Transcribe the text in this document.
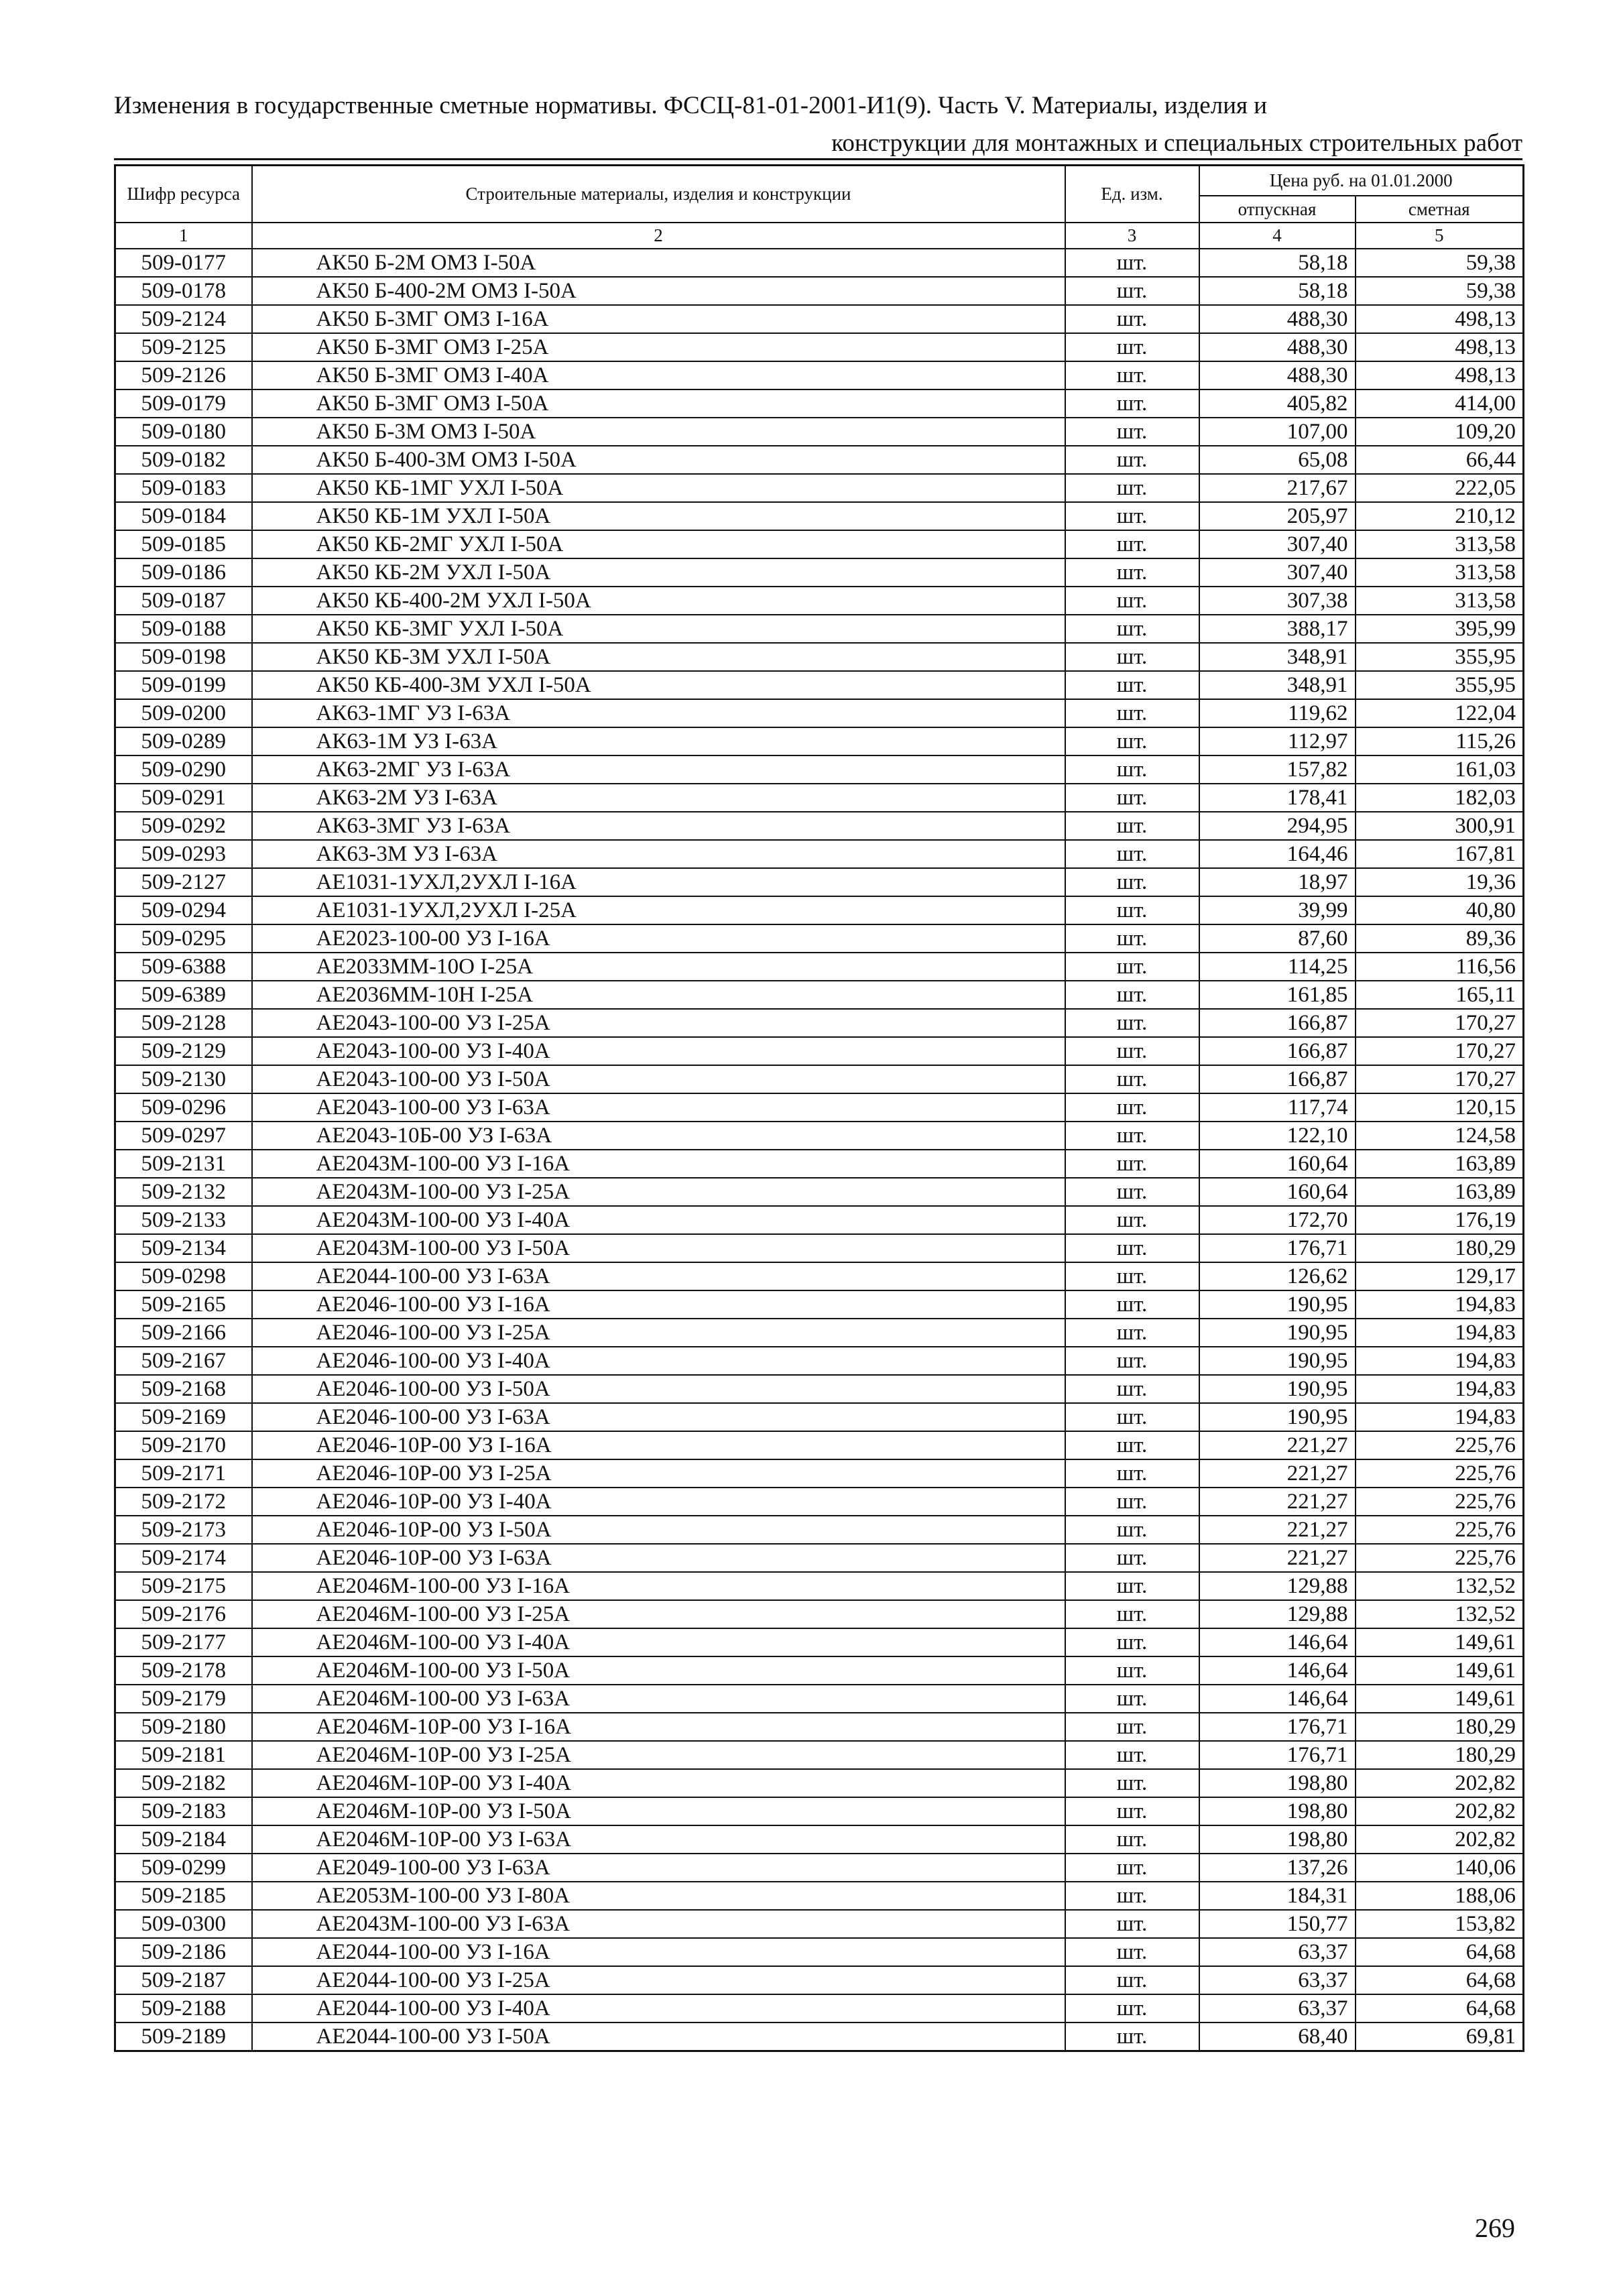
Изменения в государственные сметные нормативы. ФССЦ-81-01-2001-И1(9). Часть V. Материалы, изделия и
конструкции для монтажных и специальных строительных работ
Шифр ресурса	Строительные материалы, изделия и конструкции	Ед. изм.	Цена руб. на 01.01.2000	
			отпускная	сметная
1	2	3	4	5
509-0177	АК50 Б-2М ОМЗ I-50А	шт.	58,18	59,38
509-0178	АК50 Б-400-2М ОМЗ I-50А	шт.	58,18	59,38
509-2124	АК50 Б-3МГ ОМЗ I-16А	шт.	488,30	498,13
509-2125	АК50 Б-3МГ ОМЗ I-25А	шт.	488,30	498,13
509-2126	АК50 Б-3МГ ОМЗ I-40А	шт.	488,30	498,13
509-0179	АК50 Б-3МГ ОМЗ I-50А	шт.	405,82	414,00
509-0180	АК50 Б-3М ОМЗ I-50А	шт.	107,00	109,20
509-0182	АК50 Б-400-3М ОМЗ I-50А	шт.	65,08	66,44
509-0183	АК50 КБ-1МГ УХЛ I-50А	шт.	217,67	222,05
509-0184	АК50 КБ-1М УХЛ I-50А	шт.	205,97	210,12
509-0185	АК50 КБ-2МГ УХЛ I-50А	шт.	307,40	313,58
509-0186	АК50 КБ-2М УХЛ I-50А	шт.	307,40	313,58
509-0187	АК50 КБ-400-2М УХЛ I-50А	шт.	307,38	313,58
509-0188	АК50 КБ-3МГ УХЛ I-50А	шт.	388,17	395,99
509-0198	АК50 КБ-3М УХЛ I-50А	шт.	348,91	355,95
509-0199	АК50 КБ-400-3М УХЛ I-50А	шт.	348,91	355,95
509-0200	АК63-1МГ УЗ I-63А	шт.	119,62	122,04
509-0289	АК63-1М УЗ I-63А	шт.	112,97	115,26
509-0290	АК63-2МГ УЗ I-63А	шт.	157,82	161,03
509-0291	АК63-2М УЗ I-63А	шт.	178,41	182,03
509-0292	АК63-3МГ УЗ I-63А	шт.	294,95	300,91
509-0293	АК63-3М УЗ I-63А	шт.	164,46	167,81
509-2127	АЕ1031-1УХЛ,2УХЛ I-16А	шт.	18,97	19,36
509-0294	АЕ1031-1УХЛ,2УХЛ I-25А	шт.	39,99	40,80
509-0295	АЕ2023-100-00 УЗ I-16А	шт.	87,60	89,36
509-6388	АЕ2033ММ-10О I-25А	шт.	114,25	116,56
509-6389	АЕ2036ММ-10Н I-25А	шт.	161,85	165,11
509-2128	АЕ2043-100-00 УЗ I-25А	шт.	166,87	170,27
509-2129	АЕ2043-100-00 УЗ I-40А	шт.	166,87	170,27
509-2130	АЕ2043-100-00 УЗ I-50А	шт.	166,87	170,27
509-0296	АЕ2043-100-00 УЗ I-63А	шт.	117,74	120,15
509-0297	АЕ2043-10Б-00 УЗ I-63А	шт.	122,10	124,58
509-2131	АЕ2043М-100-00 УЗ I-16А	шт.	160,64	163,89
509-2132	АЕ2043М-100-00 УЗ I-25А	шт.	160,64	163,89
509-2133	АЕ2043М-100-00 УЗ I-40А	шт.	172,70	176,19
509-2134	АЕ2043М-100-00 УЗ I-50А	шт.	176,71	180,29
509-0298	АЕ2044-100-00 УЗ I-63А	шт.	126,62	129,17
509-2165	АЕ2046-100-00 УЗ I-16А	шт.	190,95	194,83
509-2166	АЕ2046-100-00 УЗ I-25А	шт.	190,95	194,83
509-2167	АЕ2046-100-00 УЗ I-40А	шт.	190,95	194,83
509-2168	АЕ2046-100-00 УЗ I-50А	шт.	190,95	194,83
509-2169	АЕ2046-100-00 УЗ I-63А	шт.	190,95	194,83
509-2170	АЕ2046-10Р-00 УЗ I-16А	шт.	221,27	225,76
509-2171	АЕ2046-10Р-00 УЗ I-25А	шт.	221,27	225,76
509-2172	АЕ2046-10Р-00 УЗ I-40А	шт.	221,27	225,76
509-2173	АЕ2046-10Р-00 УЗ I-50А	шт.	221,27	225,76
509-2174	АЕ2046-10Р-00 УЗ I-63А	шт.	221,27	225,76
509-2175	АЕ2046М-100-00 УЗ I-16А	шт.	129,88	132,52
509-2176	АЕ2046М-100-00 УЗ I-25А	шт.	129,88	132,52
509-2177	АЕ2046М-100-00 УЗ I-40А	шт.	146,64	149,61
509-2178	АЕ2046М-100-00 УЗ I-50А	шт.	146,64	149,61
509-2179	АЕ2046М-100-00 УЗ I-63А	шт.	146,64	149,61
509-2180	АЕ2046М-10Р-00 УЗ I-16А	шт.	176,71	180,29
509-2181	АЕ2046М-10Р-00 УЗ I-25А	шт.	176,71	180,29
509-2182	АЕ2046М-10Р-00 УЗ I-40А	шт.	198,80	202,82
509-2183	АЕ2046М-10Р-00 УЗ I-50А	шт.	198,80	202,82
509-2184	АЕ2046М-10Р-00 УЗ I-63А	шт.	198,80	202,82
509-0299	АЕ2049-100-00 УЗ I-63А	шт.	137,26	140,06
509-2185	АЕ2053М-100-00 УЗ I-80А	шт.	184,31	188,06
509-0300	АЕ2043М-100-00 УЗ I-63А	шт.	150,77	153,82
509-2186	АЕ2044-100-00 УЗ I-16А	шт.	63,37	64,68
509-2187	АЕ2044-100-00 УЗ I-25А	шт.	63,37	64,68
509-2188	АЕ2044-100-00 УЗ I-40А	шт.	63,37	64,68
509-2189	АЕ2044-100-00 УЗ I-50А	шт.	68,40	69,81
269
